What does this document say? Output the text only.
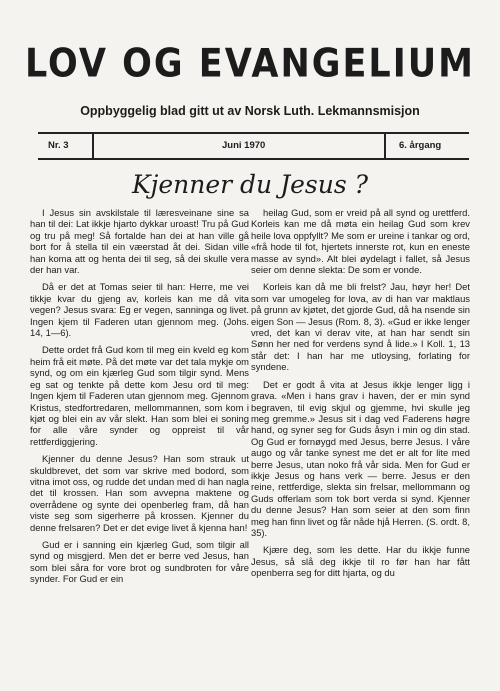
LOV OG EVANGELIUM
Oppbyggelig blad gitt ut av Norsk Luth. Lekmannsmisjon
Nr. 3	Juni 1970	6. årgang
Kjenner du Jesus ?

I Jesus sin avskilstale til læresveinane sine sa han til dei: Lat ikkje hjarto dykkar uroast! Tru på Gud og tru på meg! Så fortalde han dei at han ville gå bort for å stella til ein væerstad åt dei. Sidan ville han koma att og henta dei til seg, så dei skulle vera der han var.

Då er det at Tomas seier til han: Herre, me vei tikkje kvar du gjeng av, korleis kan me då vita vegen? Jesus svara: Eg er vegen, sanninga og livet. Ingen kjem til Faderen utan gjennom meg. (Johs. 14, 1—6).

Dette ordet frå Gud kom til meg ein kveld eg kom heim frå eit møte. På det møte var det tala mykje om synd, og om ein kjærleg Gud som tilgir synd. Mens eg sat og tenkte på dette kom Jesu ord til meg: Ingen kjem til Faderen utan gjennom meg. Gjennom Kristus, stedfortredaren, mellommannen, som kom i kjøt og blei ein av vår slekt. Han som blei ei soning for alle våre synder og oppreist til vår rettferdiggjering.

Kjenner du denne Jesus? Han som strauk ut skuldbrevet, det som var skrive med bodord, som vitna imot oss, og rudde det undan med di han nagla det til krossen. Han som avvepna maktene og overrådene og synte dei openberleg fram, då han viste seg som sigerherre på krossen. Kjenner du denne frelsaren? Det er det evige livet å kjenna han!

Gud er i sanning ein kjærleg Gud, som tilgir all synd og misgjerd. Men det er berre ved Jesus, han som blei såra for vore brot og sundbroten for våre synder. For Gud er ein

heilag Gud, som er vreid på all synd og urettferd. Korleis kan me då møta ein heilag Gud som krev heile lova oppfyllt? Me som er ureine i tankar og ord, «frå hode til fot, hjertets innerste rot, kun en eneste masse av synd». Alt blei øydelagt i fallet, så Jesus seier om denne slekta: De som er vonde.

Korleis kan då me bli frelst? Jau, høyr her! Det som var umogeleg for lova, av di han var maktlaus på grunn av kjøtet, det gjorde Gud, då ha nsende sin eigen Son — Jesus (Rom. 8, 3). «Gud er ikke lenger vred, det kan vi derav vite, at han har sendt sin Sønn her ned for verdens synd å lide.» I Koll. 1, 13 står det: I han har me utloysing, forlating for syndene.

Det er godt å vita at Jesus ikkje lenger ligg i grava. «Men i hans grav i haven, der er min synd begraven, til evig skjul og gjemme, hvi skulle jeg meg gremme.» Jesus sit i dag ved Faderens høgre hand, og syner seg for Guds åsyn i min og din stad. Og Gud er fornøygd med Jesus, berre Jesus. I våre augo og vår tanke synest me det er alt for lite med berre Jesus, utan noko frå vår sida. Men for Gud er ikkje Jesus og hans verk — berre. Jesus er den reine, rettferdige, slekta sin frelsar, mellommann og Guds offerlam som tok bort verda si synd. Kjenner du denne Jesus? Han som seier at den som finn meg han finn livet og får nåde hjå Herren. (S. ordt. 8, 35).

Kjære deg, som les dette. Har du ikkje funne Jesus, så slå deg ikkje til ro før han har fått openberra seg for ditt hjarta, og du
